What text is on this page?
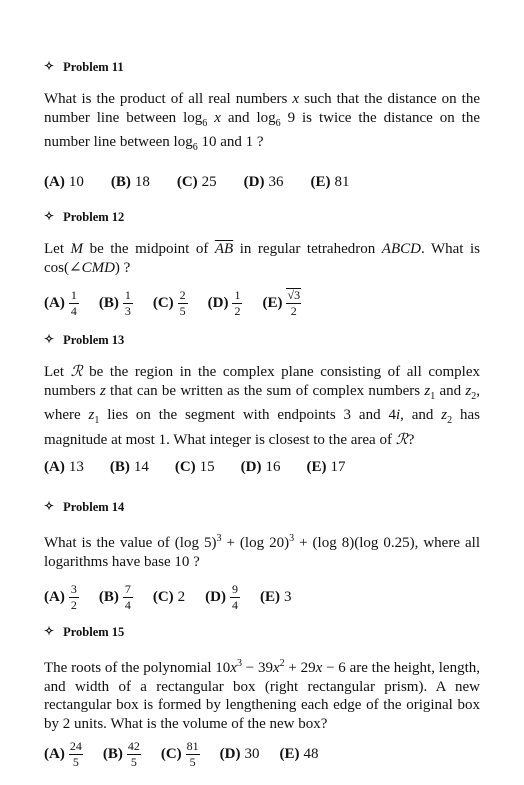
✧ Problem 11
What is the product of all real numbers x such that the distance on the number line between $\log_6 x$ and $\log_6 9$ is twice the distance on the number line between $\log_6 10$ and 1 ?
(A) 10 (B) 18 (C) 25 (D) 36 (E) 81
✧ Problem 12
Let M be the midpoint of $\overline{AB}$ in regular tetrahedron ABCD. What is cos(∠CMD) ?
$(A) \frac{1}{4} (B) \frac{1}{3} (C) \frac{2}{5} (D) \frac{1}{2} (E) \frac{√3}{2}$
✧ Problem 13
Let ℛ be the region in the complex plane consisting of all complex numbers z that can be written as the sum of complex numbers $z_1$ and $z_2$, where $z_1$ lies on the segment with endpoints 3 and 4i, and $z_2$ has magnitude at most 1. What integer is closest to the area of ℛ?
(A) 13 (B) 14 (C) 15 (D) 16 (E) 17
✧ Problem 14
What is the value of (log 5)$^3$ + (log 20)$^3$ + (log 8)(log 0.25), where all logarithms have base 10 ?
$(A) \frac{3}{2} (B) \frac{7}{4} (C)$ 2 $(D) \frac{9}{4} (E)$ 3
✧ Problem 15
The roots of the polynomial $10x^3 - 39x^2 + 29x - 6$ are the height, length, and width of a rectangular box (right rectangular prism). A new rectangular box is formed by lengthening each edge of the original box by 2 units. What is the volume of the new box?
$(A) \frac{24}{5} (B) \frac{42}{5} (C) \frac{81}{5} (D)$ 30 (E) 48
